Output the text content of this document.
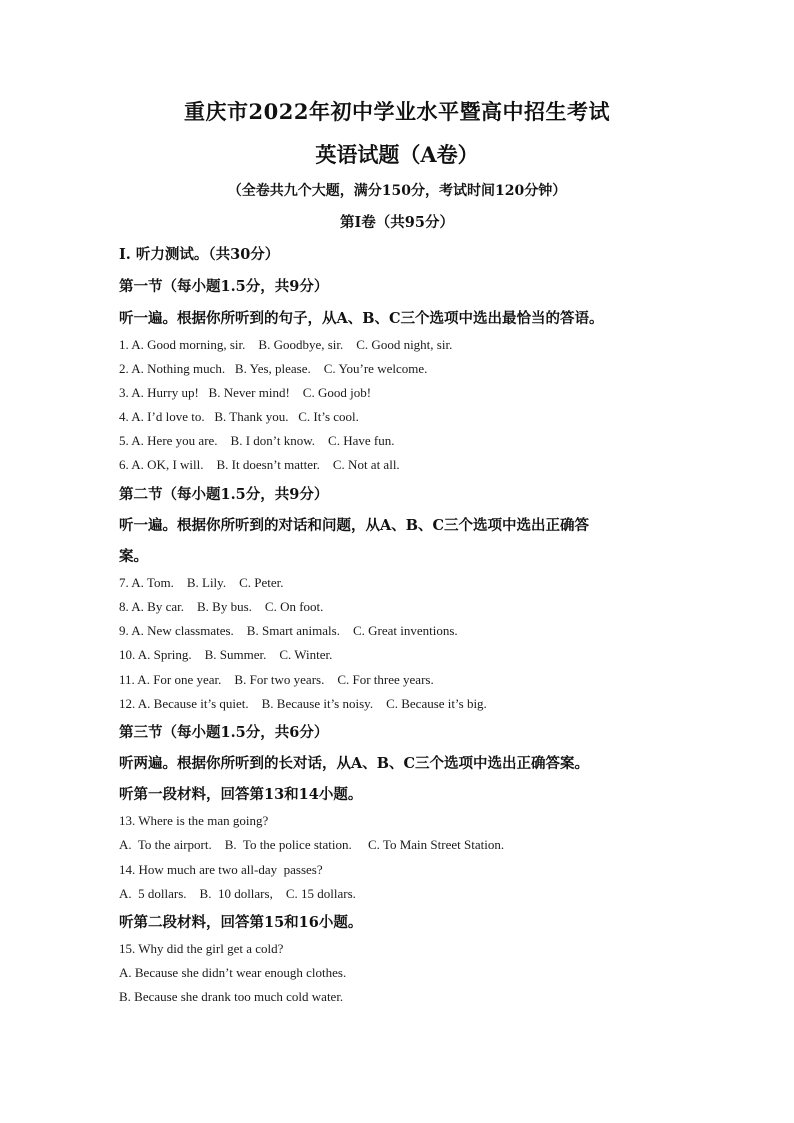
重庆市2022年初中学业水平暨高中招生考试
英语试题（A卷）
（全卷共九个大题，满分150分，考试时间120分钟）
第Ⅰ卷（共95分）
Ⅰ. 听力测试。（共30分）
第一节（每小题1.5分，共9分）
听一遍。根据你所听到的句子，从A、B、C三个选项中选出最恰当的答语。
1. A. Good morning, sir.    B. Goodbye, sir.    C. Good night, sir.
2. A. Nothing much.   B. Yes, please.    C. You’re welcome.
3. A. Hurry up!   B. Never mind!    C. Good job!
4. A. I’d love to.   B. Thank you.   C. It’s cool.
5. A. Here you are.    B. I don’t know.    C. Have fun.
6. A. OK, I will.    B. It doesn’t matter.    C. Not at all.
第二节（每小题1.5分，共9分）
听一遍。根据你所听到的对话和问题，从A、B、C三个选项中选出正确答
案。
7. A. Tom.    B. Lily.    C. Peter.
8. A. By car.    B. By bus.    C. On foot.
9. A. New classmates.    B. Smart animals.    C. Great inventions.
10. A. Spring.    B. Summer.    C. Winter.
11. A. For one year.    B. For two years.    C. For three years.
12. A. Because it’s quiet.    B. Because it’s noisy.    C. Because it’s big.
第三节（每小题1.5分，共6分）
听两遍。根据你所听到的长对话，从A、B、C三个选项中选出正确答案。
听第一段材料，回答第13和14小题。
13. Where is the man going?
A.  To the airport.    B.  To the police station.     C. To Main Street Station.
14. How much are two all-day  passes?
A.  5 dollars.    B.  10 dollars,    C. 15 dollars.
听第二段材料，回答第15和16小题。
15. Why did the girl get a cold?
A. Because she didn’t wear enough clothes.
B. Because she drank too much cold water.
